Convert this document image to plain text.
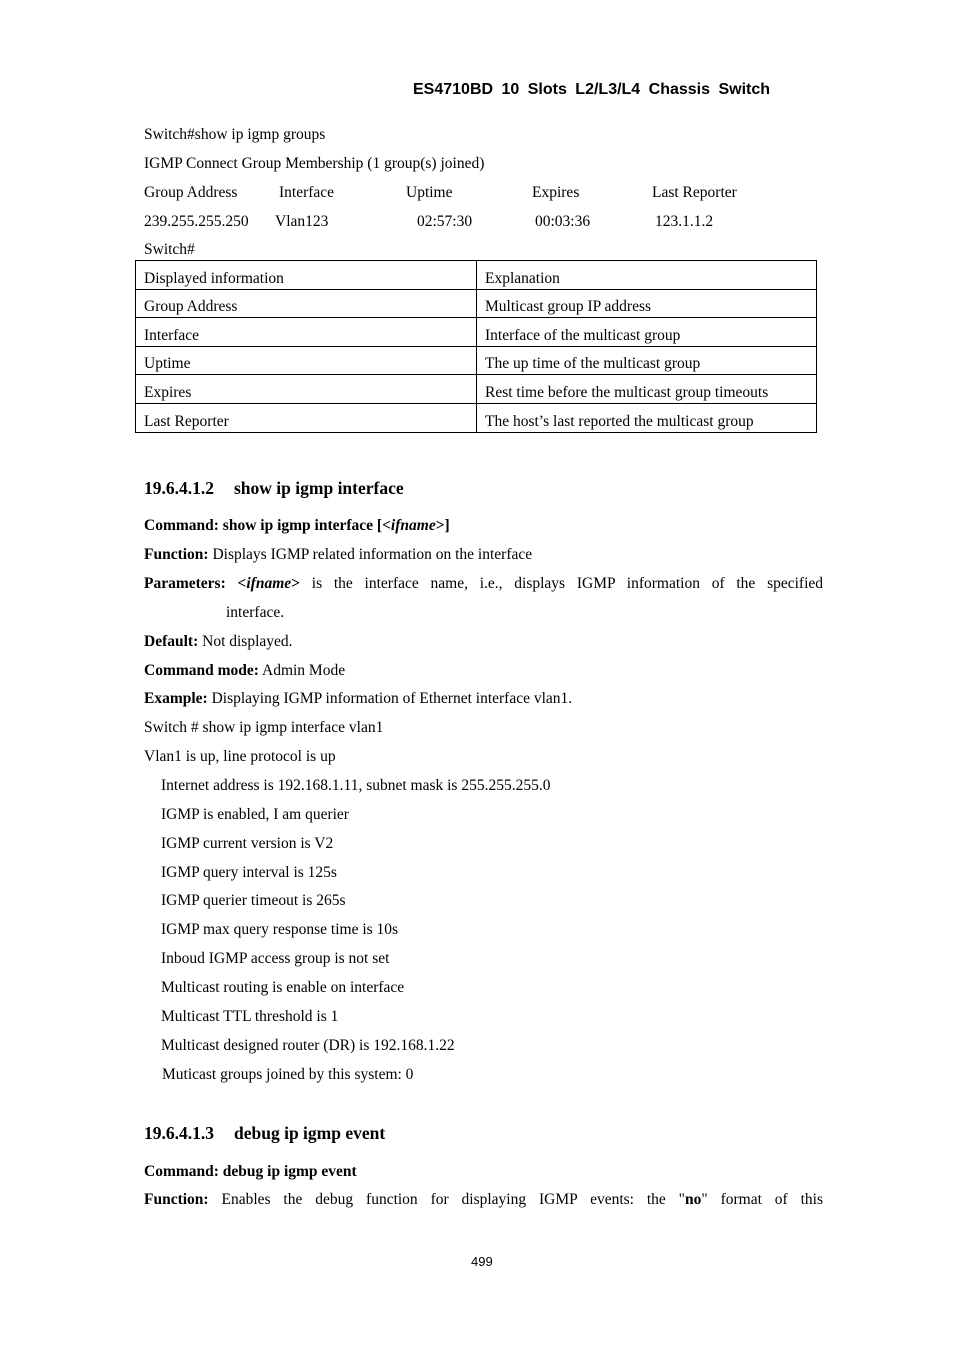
ES4710BD 10 Slots L2/L3/L4 Chassis Switch
Switch#show ip igmp groups
IGMP Connect Group Membership (1 group(s) joined)
Group Address	Interface	Uptime	Expires	Last Reporter
239.255.255.250 Vlan123	02:57:30	00:03:36	123.1.1.2
Switch#
Displayed information	Explanation
Group Address	Multicast group IP address
Interface	Interface of the multicast group
Uptime	The up time of the multicast group
Expires	Rest time before the multicast group timeouts
Last Reporter	The host’s last reported the multicast group
19.6.4.1.2 show ip igmp interface
Command: show ip igmp interface [<ifname>]
Function: Displays IGMP related information on the interface
Parameters: <ifname> is the interface name, i.e., displays IGMP information of the specified
interface.
Default: Not displayed.
Command mode: Admin Mode
Example: Displaying IGMP information of Ethernet interface vlan1.
Switch # show ip igmp interface vlan1
Vlan1 is up, line protocol is up
Internet address is 192.168.1.11, subnet mask is 255.255.255.0
IGMP is enabled, I am querier
IGMP current version is V2
IGMP query interval is 125s
IGMP querier timeout is 265s
IGMP max query response time is 10s
Inboud IGMP access group is not set
Multicast routing is enable on interface
Multicast TTL threshold is 1
Multicast designed router (DR) is 192.168.1.22
Muticast groups joined by this system: 0
19.6.4.1.3 debug ip igmp event
Command: debug ip igmp event
Function: Enables the debug function for displaying IGMP events: the "no" format of this
499
